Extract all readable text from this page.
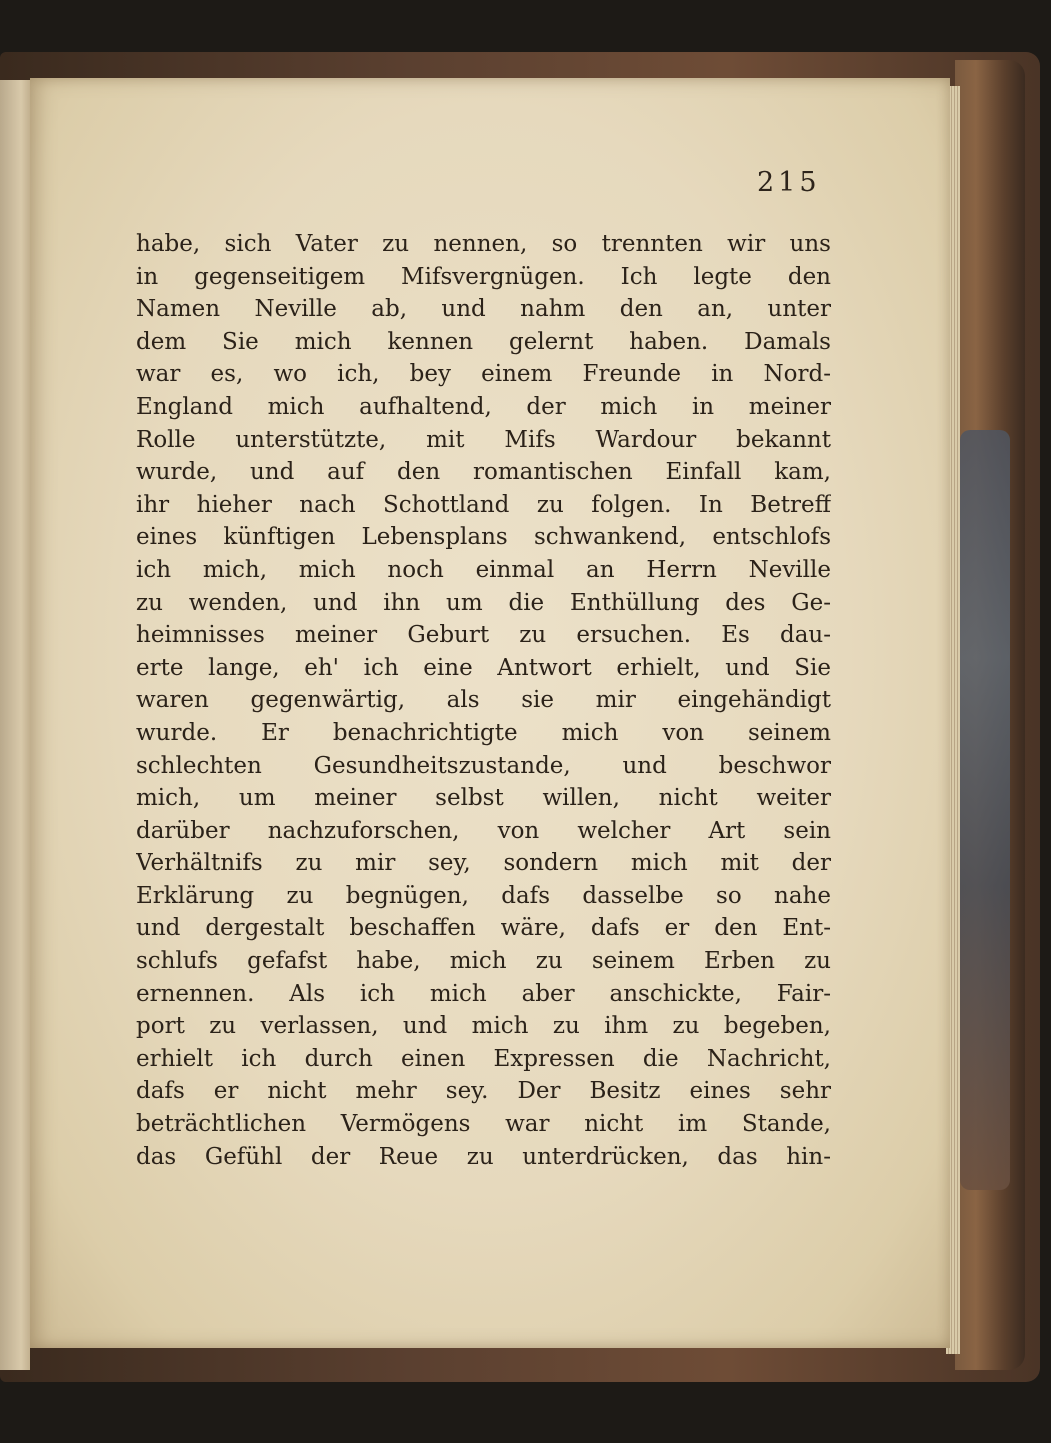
215
habe, sich Vater zu nennen, so trennten wir uns
in gegenseitigem Mifsvergnügen. Ich legte den
Namen Neville ab, und nahm den an, unter
dem Sie mich kennen gelernt haben. Damals
war es, wo ich, bey einem Freunde in Nord-
England mich aufhaltend, der mich in meiner
Rolle unterstützte, mit Mifs Wardour bekannt
wurde, und auf den romantischen Einfall kam,
ihr hieher nach Schottland zu folgen. In Betreff
eines künftigen Lebensplans schwankend, entschlofs
ich mich, mich noch einmal an Herrn Neville
zu wenden, und ihn um die Enthüllung des Ge-
heimnisses meiner Geburt zu ersuchen. Es dau-
erte lange, eh' ich eine Antwort erhielt, und Sie
waren gegenwärtig, als sie mir eingehändigt
wurde. Er benachrichtigte mich von seinem
schlechten Gesundheitszustande, und beschwor
mich, um meiner selbst willen, nicht weiter
darüber nachzuforschen, von welcher Art sein
Verhältnifs zu mir sey, sondern mich mit der
Erklärung zu begnügen, dafs dasselbe so nahe
und dergestalt beschaffen wäre, dafs er den Ent-
schlufs gefafst habe, mich zu seinem Erben zu
ernennen. Als ich mich aber anschickte, Fair-
port zu verlassen, und mich zu ihm zu begeben,
erhielt ich durch einen Expressen die Nachricht,
dafs er nicht mehr sey. Der Besitz eines sehr
beträchtlichen Vermögens war nicht im Stande,
das Gefühl der Reue zu unterdrücken, das hin-
